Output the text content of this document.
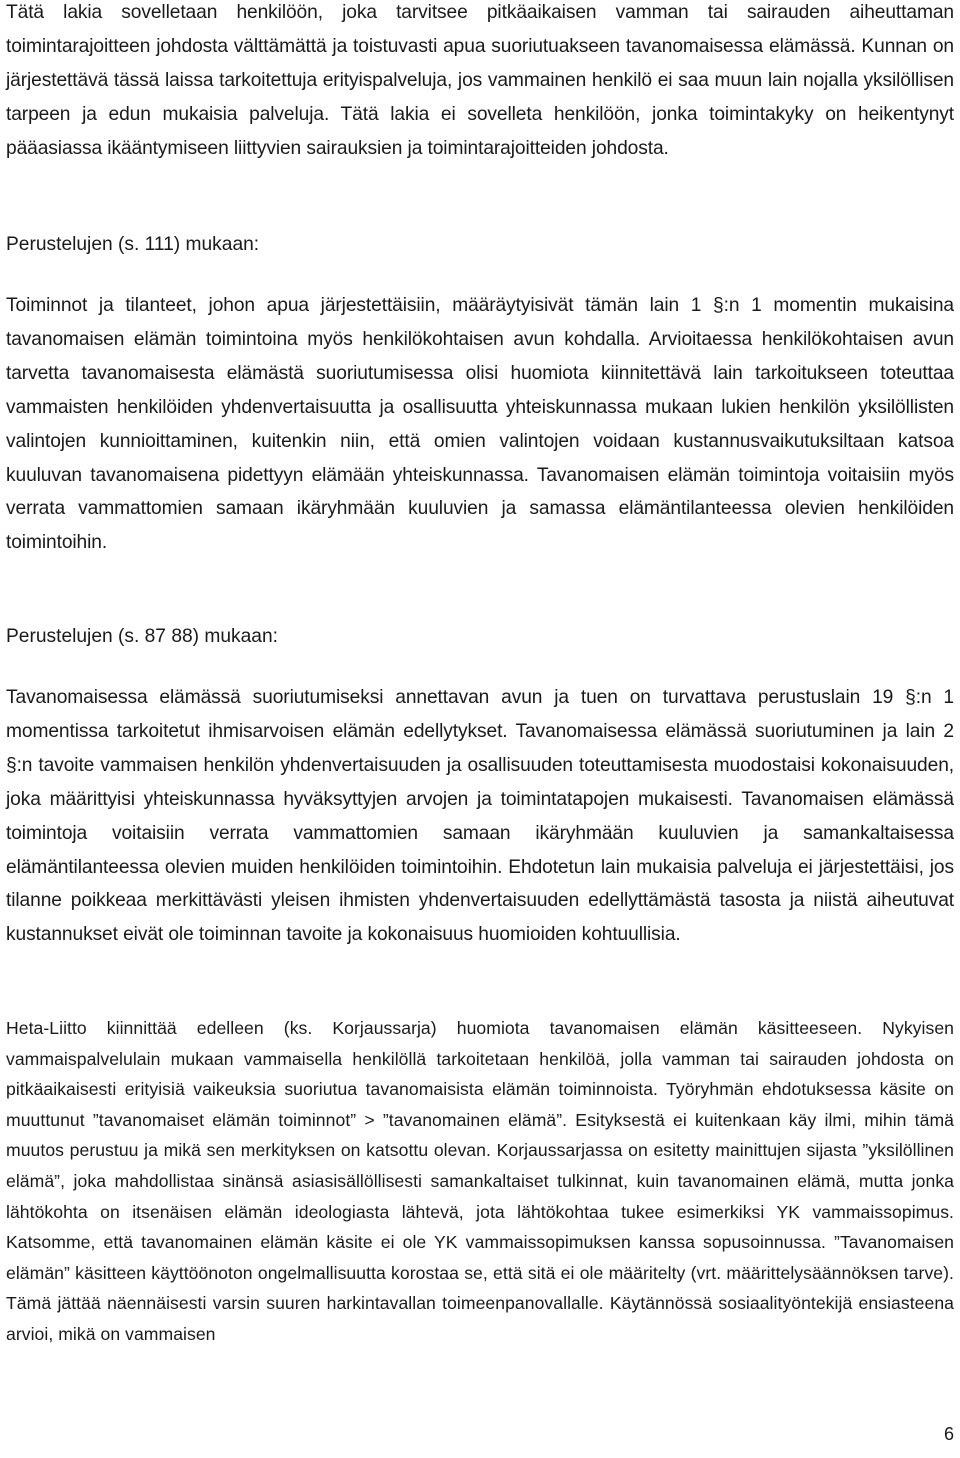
Tätä lakia sovelletaan henkilöön, joka tarvitsee pitkäaikaisen vamman tai sairauden aiheuttaman toimintarajoitteen johdosta välttämättä ja toistuvasti apua suoriutuakseen tavanomaisessa elämässä. Kunnan on järjestettävä tässä laissa tarkoitettuja erityispalveluja, jos vammainen henkilö ei saa muun lain nojalla yksilöllisen tarpeen ja edun mukaisia palveluja. Tätä lakia ei sovelleta henkilöön, jonka toimintakyky on heikentynyt pääasiassa ikääntymiseen liittyvien sairauksien ja toimintarajoitteiden johdosta.

Perustelujen (s. 111) mukaan:

Toiminnot ja tilanteet, johon apua järjestettäisiin, määräytyisivät tämän lain 1 §:n 1 momentin mukaisina tavanomaisen elämän toimintoina myös henkilökohtaisen avun kohdalla. Arvioitaessa henkilökohtaisen avun tarvetta tavanomaisesta elämästä suoriutumisessa olisi huomiota kiinnitettävä lain tarkoitukseen toteuttaa vammaisten henkilöiden yhdenvertaisuutta ja osallisuutta yhteiskunnassa mukaan lukien henkilön yksilöllisten valintojen kunnioittaminen, kuitenkin niin, että omien valintojen voidaan kustannusvaikutuksiltaan katsoa kuuluvan tavanomaisena pidettyyn elämään yhteiskunnassa. Tavanomaisen elämän toimintoja voitaisiin myös verrata vammattomien samaan ikäryhmään kuuluvien ja samassa elämäntilanteessa olevien henkilöiden toimintoihin.

Perustelujen (s. 87 88) mukaan:

Tavanomaisessa elämässä suoriutumiseksi annettavan avun ja tuen on turvattava perustuslain 19 §:n 1 momentissa tarkoitetut ihmisarvoisen elämän edellytykset. Tavanomaisessa elämässä suoriutuminen ja lain 2 §:n tavoite vammaisen henkilön yhdenvertaisuuden ja osallisuuden toteuttamisesta muodostaisi kokonaisuuden, joka määrittyisi yhteiskunnassa hyväksyttyjen arvojen ja toimintatapojen mukaisesti. Tavanomaisen elämässä toimintoja voitaisiin verrata vammattomien samaan ikäryhmään kuuluvien ja samankaltaisessa elämäntilanteessa olevien muiden henkilöiden toimintoihin. Ehdotetun lain mukaisia palveluja ei järjestettäisi, jos tilanne poikkeaa merkittävästi yleisen ihmisten yhdenvertaisuuden edellyttämästä tasosta ja niistä aiheutuvat kustannukset eivät ole toiminnan tavoite ja kokonaisuus huomioiden kohtuullisia.

Heta-Liitto kiinnittää edelleen (ks. Korjaussarja) huomiota tavanomaisen elämän käsitteeseen. Nykyisen vammaispalvelulain mukaan vammaisella henkilöllä tarkoitetaan henkilöä, jolla vamman tai sairauden johdosta on pitkäaikaisesti erityisiä vaikeuksia suoriutua tavanomaisista elämän toiminnoista. Työryhmän ehdotuksessa käsite on muuttunut ”tavanomaiset elämän toiminnot” > ”tavanomainen elämä”. Esityksestä ei kuitenkaan käy ilmi, mihin tämä muutos perustuu ja mikä sen merkityksen on katsottu olevan. Korjaussarjassa on esitetty mainittujen sijasta ”yksilöllinen elämä”, joka mahdollistaa sinänsä asiasisällöllisesti samankaltaiset tulkinnat, kuin tavanomainen elämä, mutta jonka lähtökohta on itsenäisen elämän ideologiasta lähtevä, jota lähtökohtaa tukee esimerkiksi YK vammaissopimus. Katsomme, että tavanomainen elämän käsite ei ole YK vammaissopimuksen kanssa sopusoinnussa. ”Tavanomaisen elämän” käsitteen käyttöönoton ongelmallisuutta korostaa se, että sitä ei ole määritelty (vrt. määrittelysäännöksen tarve). Tämä jättää näennäisesti varsin suuren harkintavallan toimeenpanovallalle. Käytännössä sosiaalityöntekijä ensiasteena arvioi, mikä on vammaisen

6
